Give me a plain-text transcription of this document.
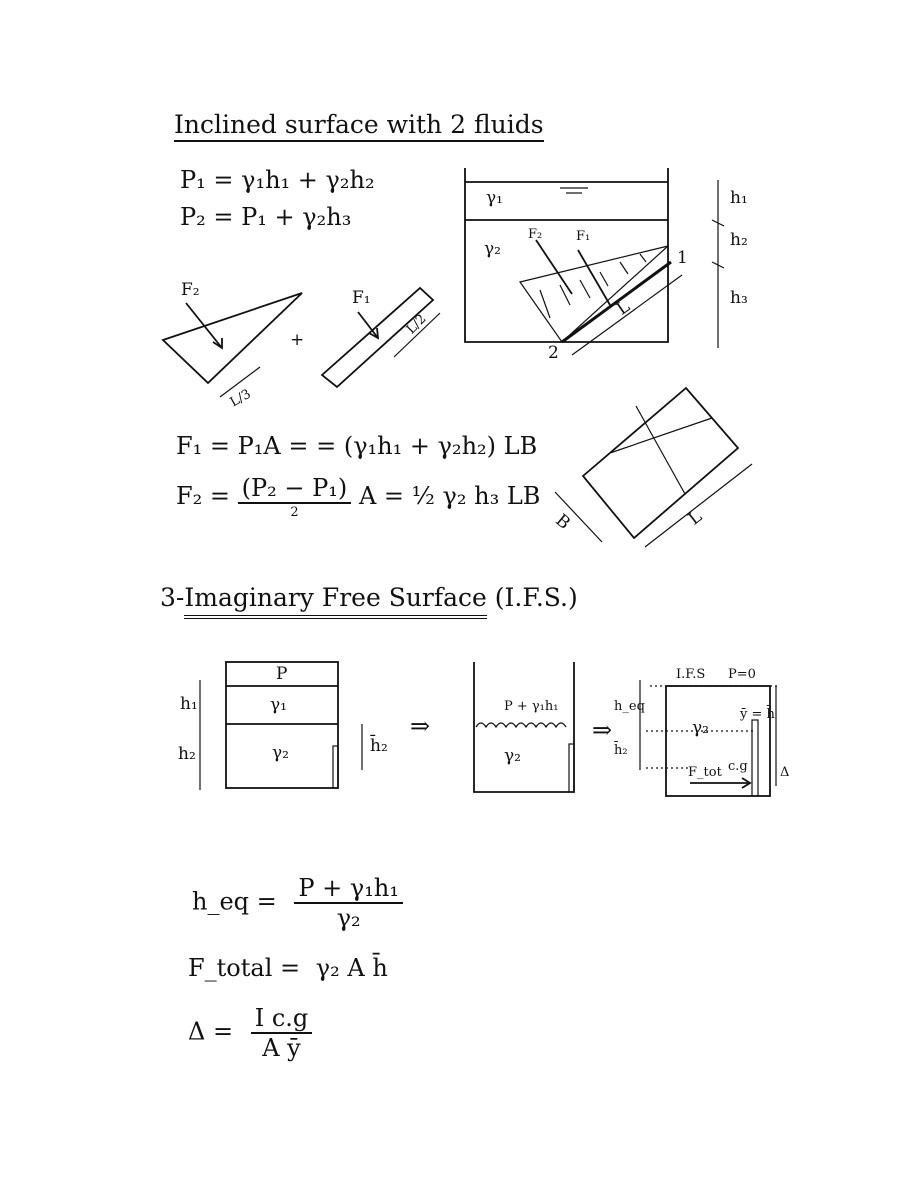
Inclined surface with 2 fluids
P₁ = γ₁h₁ + γ₂h₂
P₂ = P₁ + γ₂h₃
F₂
+
L/3
F₁
L/2
γ₁
γ₂
F₂	F₁
1
2
L
h₁
h₂
h₃
B	L
F₁ = P₁A = = (γ₁h₁ + γ₂h₂) LB
$F_2 = \frac{\text{(P₂ − P₁)}}{2}$ A = ½ γ₂ h₃ LB
3-Imaginary Free Surface (I.F.S.)
P
γ₁
γ₂
h₁
h₂	h̄₂
⇒
P + γ₁h₁
γ₂
⇒
I.F.S P=0
h_eq
h̄₂
γ₂
ȳ = h̄
c.g
F_tot	Δ
h_eq = $\frac{\text{P + γ₁h₁}}{\text{γ₂}}$
F_total = γ₂ A h̄
$\Delta = \frac{\text{I c.g}}{\text{A ȳ}}$
